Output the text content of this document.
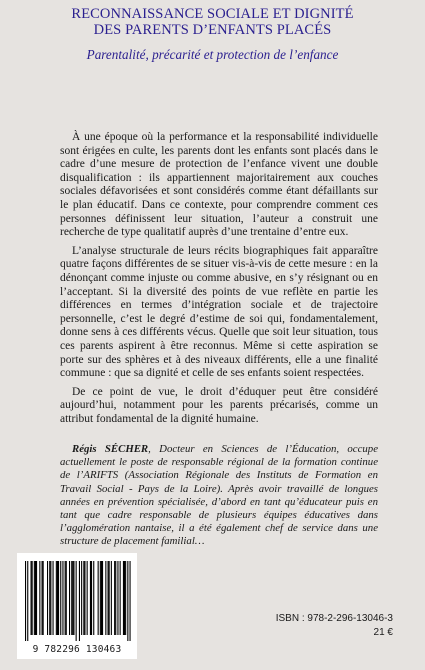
RECONNAISSANCE SOCIALE ET DIGNITÉ
DES PARENTS D’ENFANTS PLACÉS
Parentalité, précarité et protection de l’enfance

À une époque où la performance et la responsabilité individuelle sont érigées en culte, les parents dont les enfants sont placés dans le cadre d’une mesure de protection de l’enfance vivent une double disqualification : ils appartiennent majoritairement aux couches sociales défavorisées et sont considérés comme étant défaillants sur le plan éducatif. Dans ce contexte, pour comprendre comment ces personnes définissent leur situation, l’auteur a construit une recherche de type qualitatif auprès d’une trentaine d’entre eux.

L’analyse structurale de leurs récits biographiques fait apparaître quatre façons différentes de se situer vis-à-vis de cette mesure : en la dénonçant comme injuste ou comme abusive, en s’y résignant ou en l’acceptant. Si la diversité des points de vue reflète en partie les différences en termes d’intégration sociale et de trajectoire personnelle, c’est le degré d’estime de soi qui, fondamentalement, donne sens à ces différents vécus. Quelle que soit leur situation, tous ces parents aspirent à être reconnus. Même si cette aspiration se porte sur des sphères et à des niveaux différents, elle a une finalité commune : que sa dignité et celle de ses enfants soient respectées.

De ce point de vue, le droit d’éduquer peut être considéré aujourd’hui, notamment pour les parents précarisés, comme un attribut fondamental de la dignité humaine.

Régis SÉCHER, Docteur en Sciences de l’Éducation, occupe actuellement le poste de responsable régional de la formation continue de l’ARIFTS (Association Régionale des Instituts de Formation en Travail Social - Pays de la Loire). Après avoir travaillé de longues années en prévention spécialisée, d’abord en tant qu’éducateur puis en tant que cadre responsable de plusieurs équipes éducatives dans l’agglomération nantaise, il a été également chef de service dans une structure de placement familial…
9 782296 130463
ISBN : 978-2-296-13046-3
21 €
